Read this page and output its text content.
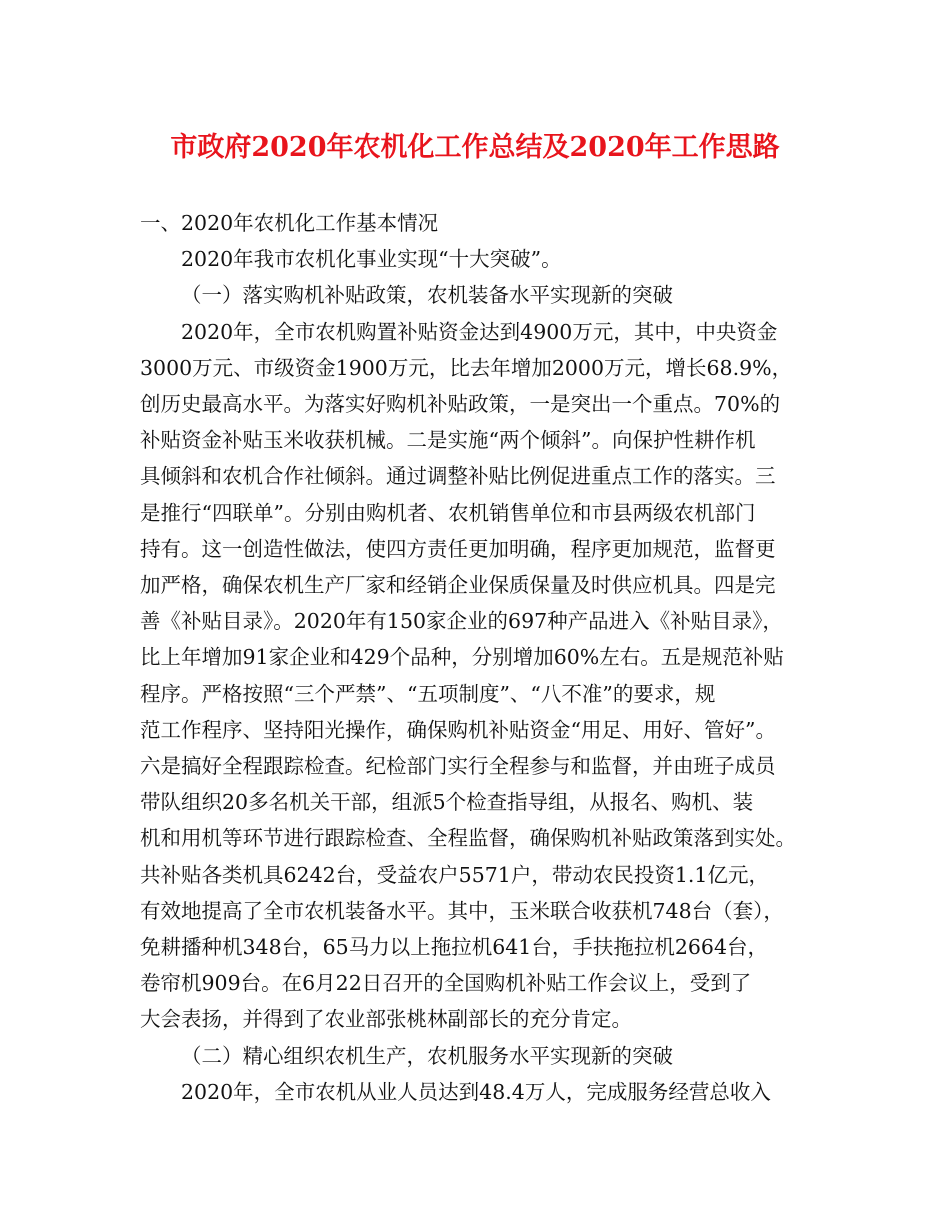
市政府2020年农机化工作总结及2020年工作思路
一、2020年农机化工作基本情况
2020年我市农机化事业实现“十大突破”。
（一）落实购机补贴政策，农机装备水平实现新的突破
2020年，全市农机购置补贴资金达到4900万元，其中，中央资金
3000万元、市级资金1900万元，比去年增加2000万元，增长68.9%，
创历史最高水平。为落实好购机补贴政策，一是突出一个重点。70%的
补贴资金补贴玉米收获机械。二是实施“两个倾斜”。向保护性耕作机
具倾斜和农机合作社倾斜。通过调整补贴比例促进重点工作的落实。三
是推行“四联单”。分别由购机者、农机销售单位和市县两级农机部门
持有。这一创造性做法，使四方责任更加明确，程序更加规范，监督更
加严格，确保农机生产厂家和经销企业保质保量及时供应机具。四是完
善《补贴目录》。2020年有150家企业的697种产品进入《补贴目录》，
比上年增加91家企业和429个品种，分别增加60%左右。五是规范补贴
程序。严格按照“三个严禁”、“五项制度”、“八不准”的要求，规
范工作程序、坚持阳光操作，确保购机补贴资金“用足、用好、管好”。
六是搞好全程跟踪检查。纪检部门实行全程参与和监督，并由班子成员
带队组织20多名机关干部，组派5个检查指导组，从报名、购机、装
机和用机等环节进行跟踪检查、全程监督，确保购机补贴政策落到实处。
共补贴各类机具6242台，受益农户5571户，带动农民投资1.1亿元，
有效地提高了全市农机装备水平。其中，玉米联合收获机748台（套），
免耕播种机348台，65马力以上拖拉机641台，手扶拖拉机2664台，
卷帘机909台。在6月22日召开的全国购机补贴工作会议上，受到了
大会表扬，并得到了农业部张桃林副部长的充分肯定。
（二）精心组织农机生产，农机服务水平实现新的突破
2020年，全市农机从业人员达到48.4万人，完成服务经营总收入
